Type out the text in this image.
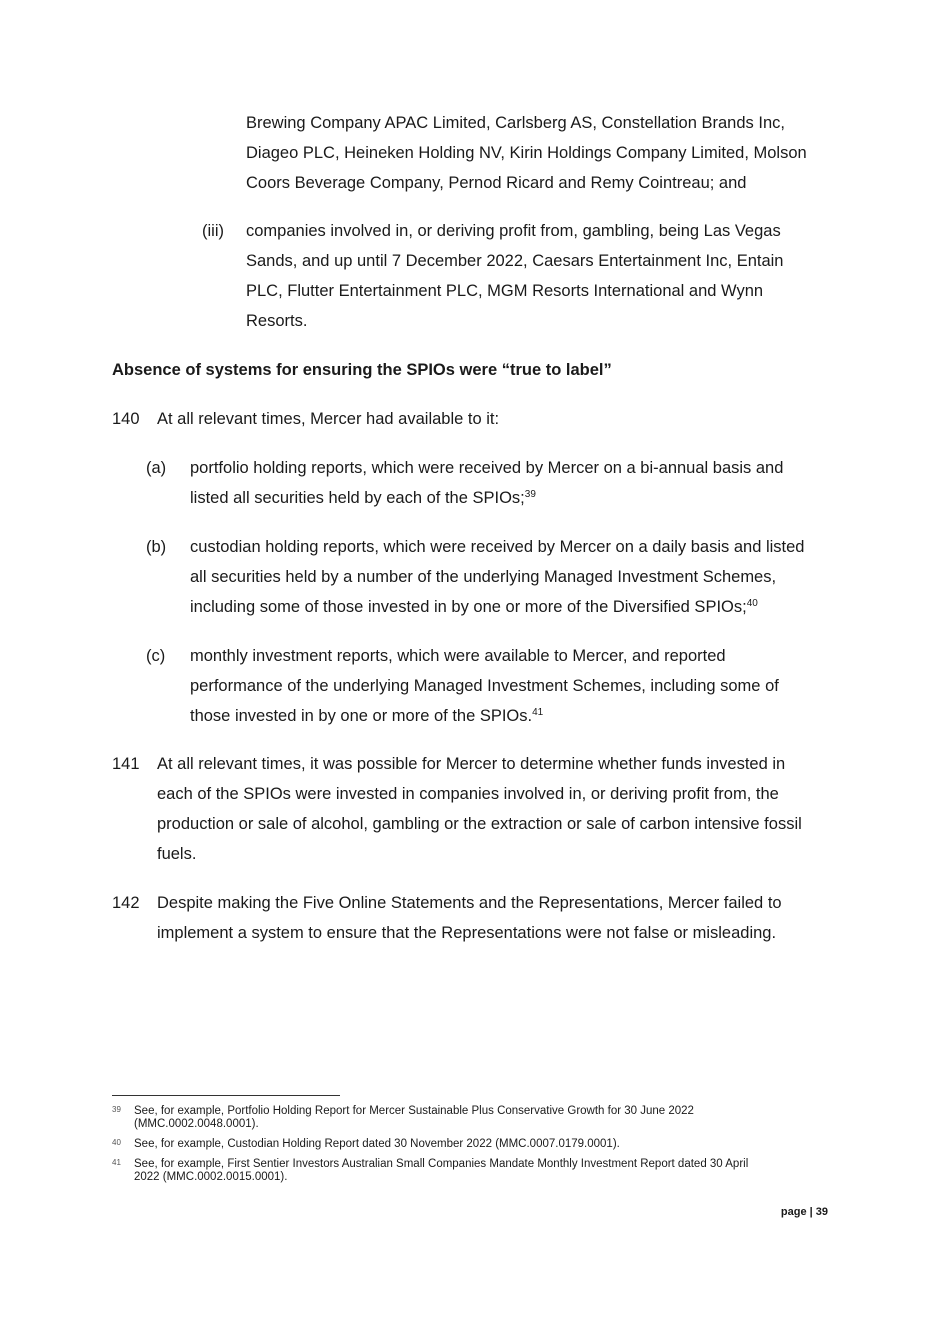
Brewing Company APAC Limited, Carlsberg AS, Constellation Brands Inc,
Diageo PLC, Heineken Holding NV, Kirin Holdings Company Limited, Molson
Coors Beverage Company, Pernod Ricard and Remy Cointreau; and
(iii) companies involved in, or deriving profit from, gambling, being Las Vegas
Sands, and up until 7 December 2022, Caesars Entertainment Inc, Entain
PLC, Flutter Entertainment PLC, MGM Resorts International and Wynn
Resorts.
Absence of systems for ensuring the SPIOs were “true to label”
140 At all relevant times, Mercer had available to it:
(a) portfolio holding reports, which were received by Mercer on a bi-annual basis and
listed all securities held by each of the SPIOs;$^{39}$
(b) custodian holding reports, which were received by Mercer on a daily basis and listed
all securities held by a number of the underlying Managed Investment Schemes,
including some of those invested in by one or more of the Diversified SPIOs;$^{40}$
(c) monthly investment reports, which were available to Mercer, and reported
performance of the underlying Managed Investment Schemes, including some of
those invested in by one or more of the SPIOs.$^{41}$
141 At all relevant times, it was possible for Mercer to determine whether funds invested in
each of the SPIOs were invested in companies involved in, or deriving profit from, the
production or sale of alcohol, gambling or the extraction or sale of carbon intensive fossil
fuels.
142 Despite making the Five Online Statements and the Representations, Mercer failed to
implement a system to ensure that the Representations were not false or misleading.
39 See, for example, Portfolio Holding Report for Mercer Sustainable Plus Conservative Growth for 30 June 2022
(MMC.0002.0048.0001).
40 See, for example, Custodian Holding Report dated 30 November 2022 (MMC.0007.0179.0001).
41 See, for example, First Sentier Investors Australian Small Companies Mandate Monthly Investment Report dated 30 April
2022 (MMC.0002.0015.0001).
page | 39
